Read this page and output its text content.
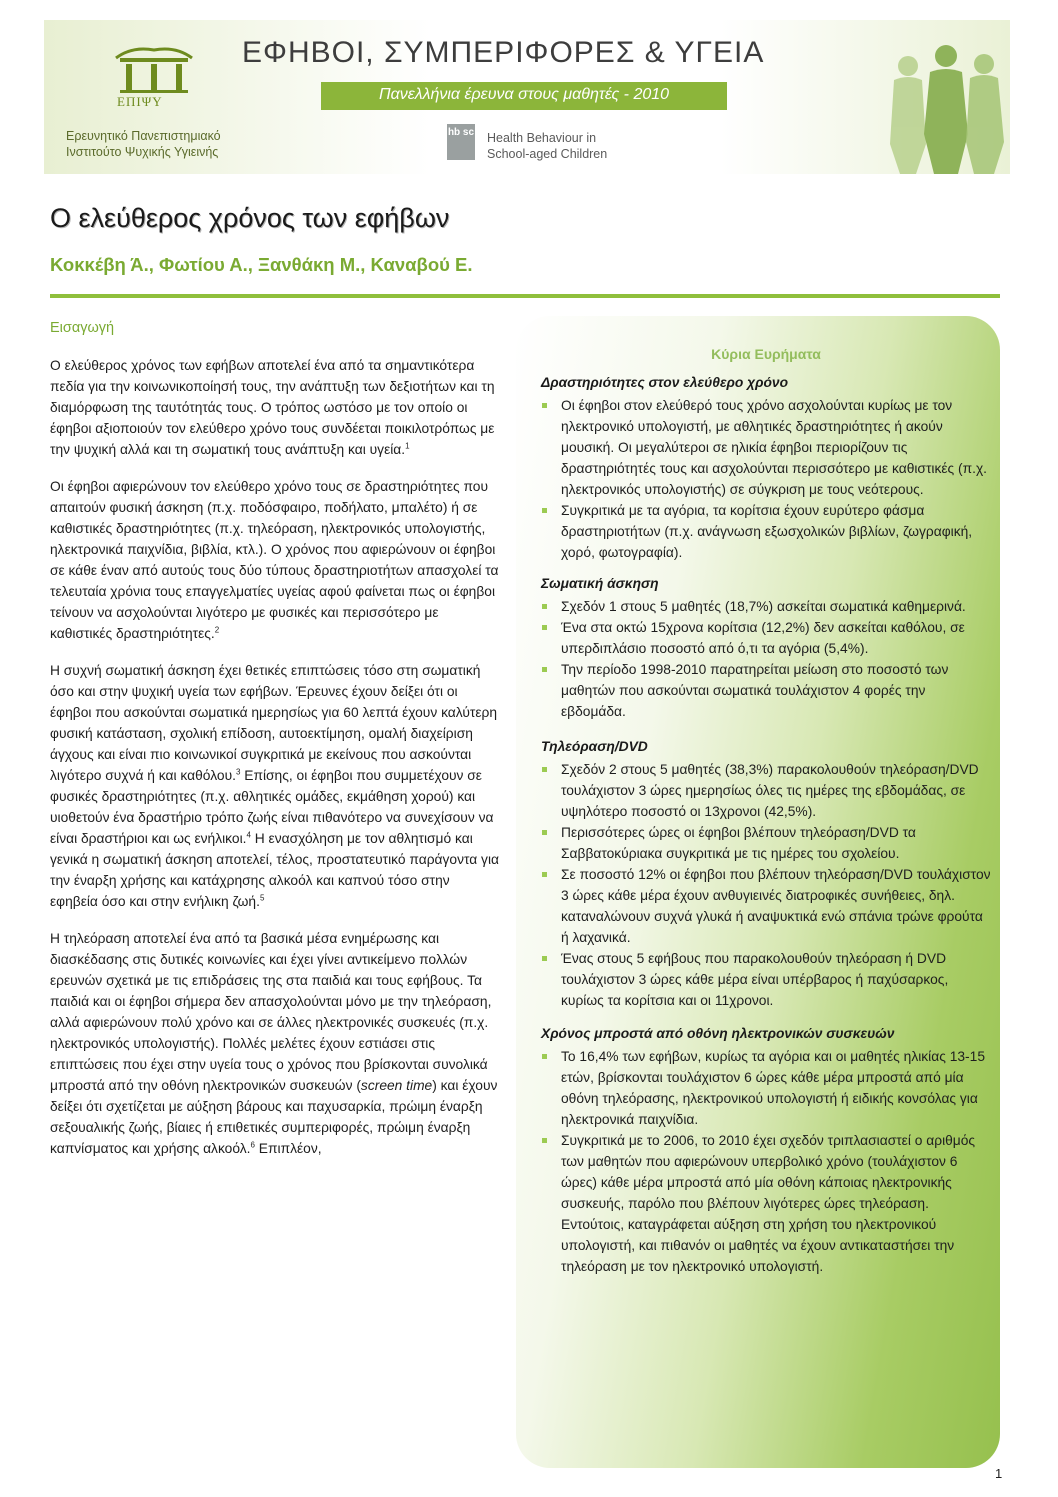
ΕΠΙΨΥ
Ερευνητικό Πανεπιστημιακό
Ινστιτούτο Ψυχικής Υγιεινής
ΕΦΗΒΟΙ, ΣΥΜΠΕΡΙΦΟΡΕΣ & ΥΓΕΙΑ
Πανελλήνια έρευνα στους μαθητές - 2010
hb sc Health Behaviour in
School-aged Children
Ο ελεύθερος χρόνος των εφήβων
Κοκκέβη Ά., Φωτίου Α., Ξανθάκη Μ., Καναβού Ε.
Εισαγωγή

Ο ελεύθερος χρόνος των εφήβων αποτελεί ένα από τα σημαντικότερα πεδία για την κοινωνικοποίησή τους, την ανάπτυξη των δεξιοτήτων και τη διαμόρφωση της ταυτότητάς τους. Ο τρόπος ωστόσο με τον οποίο οι έφηβοι αξιοποιούν τον ελεύθερο χρόνο τους συνδέεται ποικιλοτρόπως με την ψυχική αλλά και τη σωματική τους ανάπτυξη και υγεία.$^1$

Οι έφηβοι αφιερώνουν τον ελεύθερο χρόνο τους σε δραστηριότητες που απαιτούν φυσική άσκηση (π.χ. ποδόσφαιρο, ποδήλατο, μπαλέτο) ή σε καθιστικές δραστηριότητες (π.χ. τηλεόραση, ηλεκτρονικός υπολογιστής, ηλεκτρονικά παιχνίδια, βιβλία, κτλ.). Ο χρόνος που αφιερώνουν οι έφηβοι σε κάθε έναν από αυτούς τους δύο τύπους δραστηριοτήτων απασχολεί τα τελευταία χρόνια τους επαγγελματίες υγείας αφού φαίνεται πως οι έφηβοι τείνουν να ασχολούνται λιγότερο με φυσικές και περισσότερο με καθιστικές δραστηριότητες.$^2$

Η συχνή σωματική άσκηση έχει θετικές επιπτώσεις τόσο στη σωματική όσο και στην ψυχική υγεία των εφήβων. Έρευνες έχουν δείξει ότι οι έφηβοι που ασκούνται σωματικά ημερησίως για 60 λεπτά έχουν καλύτερη φυσική κατάσταση, σχολική επίδοση, αυτοεκτίμηση, ομαλή διαχείριση άγχους και είναι πιο κοινωνικοί συγκριτικά με εκείνους που ασκούνται λιγότερο συχνά ή και καθόλου.$^3$ Επίσης, οι έφηβοι που συμμετέχουν σε φυσικές δραστηριότητες (π.χ. αθλητικές ομάδες, εκμάθηση χορού) και υιοθετούν ένα δραστήριο τρόπο ζωής είναι πιθανότερο να συνεχίσουν να είναι δραστήριοι και ως ενήλικοι.$^4$ Η ενασχόληση με τον αθλητισμό και γενικά η σωματική άσκηση αποτελεί, τέλος, προστατευτικό παράγοντα για την έναρξη χρήσης και κατάχρησης αλκοόλ και καπνού τόσο στην εφηβεία όσο και στην ενήλικη ζωή.$^5$

Η τηλεόραση αποτελεί ένα από τα βασικά μέσα ενημέρωσης και διασκέδασης στις δυτικές κοινωνίες και έχει γίνει αντικείμενο πολλών ερευνών σχετικά με τις επιδράσεις της στα παιδιά και τους εφήβους. Τα παιδιά και οι έφηβοι σήμερα δεν απασχολούνται μόνο με την τηλεόραση, αλλά αφιερώνουν πολύ χρόνο και σε άλλες ηλεκτρονικές συσκευές (π.χ. ηλεκτρονικός υπολογιστής). Πολλές μελέτες έχουν εστιάσει στις επιπτώσεις που έχει στην υγεία τους ο χρόνος που βρίσκονται συνολικά μπροστά από την οθόνη ηλεκτρονικών συσκευών (screen time) και έχουν δείξει ότι σχετίζεται με αύξηση βάρους και παχυσαρκία, πρώιμη έναρξη σεξουαλικής ζωής, βίαιες ή επιθετικές συμπεριφορές, πρώιμη έναρξη καπνίσματος και χρήσης αλκοόλ.$^6$ Επιπλέον,

Κύρια Ευρήματα
Δραστηριότητες στον ελεύθερο χρόνο
Οι έφηβοι στον ελεύθερό τους χρόνο ασχολούνται κυρίως με τον ηλεκτρονικό υπολογιστή, με αθλητικές δραστηριότητες ή ακούν μουσική. Οι μεγαλύτεροι σε ηλικία έφηβοι περιορίζουν τις δραστηριότητές τους και ασχολούνται περισσότερο με καθιστικές (π.χ. ηλεκτρονικός υπολογιστής) σε σύγκριση με τους νεότερους.
Συγκριτικά με τα αγόρια, τα κορίτσια έχουν ευρύτερο φάσμα δραστηριοτήτων (π.χ. ανάγνωση εξωσχολικών βιβλίων, ζωγραφική, χορό, φωτογραφία).
Σωματική άσκηση
Σχεδόν 1 στους 5 μαθητές (18,7%) ασκείται σωματικά καθημερινά.
Ένα στα οκτώ 15χρονα κορίτσια (12,2%) δεν ασκείται καθόλου, σε υπερδιπλάσιο ποσοστό από ό,τι τα αγόρια (5,4%).
Την περίοδο 1998-2010 παρατηρείται μείωση στο ποσοστό των μαθητών που ασκούνται σωματικά τουλάχιστον 4 φορές την εβδομάδα.
Τηλεόραση/DVD
Σχεδόν 2 στους 5 μαθητές (38,3%) παρακολουθούν τηλεόραση/DVD τουλάχιστον 3 ώρες ημερησίως όλες τις ημέρες της εβδομάδας, σε υψηλότερο ποσοστό οι 13χρονοι (42,5%).
Περισσότερες ώρες οι έφηβοι βλέπουν τηλεόραση/DVD τα Σαββατοκύριακα συγκριτικά με τις ημέρες του σχολείου.
Σε ποσοστό 12% οι έφηβοι που βλέπουν τηλεόραση/DVD τουλάχιστον 3 ώρες κάθε μέρα έχουν ανθυγιεινές διατροφικές συνήθειες, δηλ. καταναλώνουν συχνά γλυκά ή αναψυκτικά ενώ σπάνια τρώνε φρούτα ή λαχανικά.
Ένας στους 5 εφήβους που παρακολουθούν τηλεόραση ή DVD τουλάχιστον 3 ώρες κάθε μέρα είναι υπέρβαρος ή παχύσαρκος, κυρίως τα κορίτσια και οι 11χρονοι.
Χρόνος μπροστά από οθόνη ηλεκτρονικών συσκευών
Το 16,4% των εφήβων, κυρίως τα αγόρια και οι μαθητές ηλικίας 13-15 ετών, βρίσκονται τουλάχιστον 6 ώρες κάθε μέρα μπροστά από μία οθόνη τηλεόρασης, ηλεκτρονικού υπολογιστή ή ειδικής κονσόλας για ηλεκτρονικά παιχνίδια.
Συγκριτικά με το 2006, το 2010 έχει σχεδόν τριπλασιαστεί ο αριθμός των μαθητών που αφιερώνουν υπερβολικό χρόνο (τουλάχιστον 6 ώρες) κάθε μέρα μπροστά από μία οθόνη κάποιας ηλεκτρονικής συσκευής, παρόλο που βλέπουν λιγότερες ώρες τηλεόραση. Εντούτοις, καταγράφεται αύξηση στη χρήση του ηλεκτρονικού υπολογιστή, και πιθανόν οι μαθητές να έχουν αντικαταστήσει την τηλεόραση με τον ηλεκτρονικό υπολογιστή.
1
